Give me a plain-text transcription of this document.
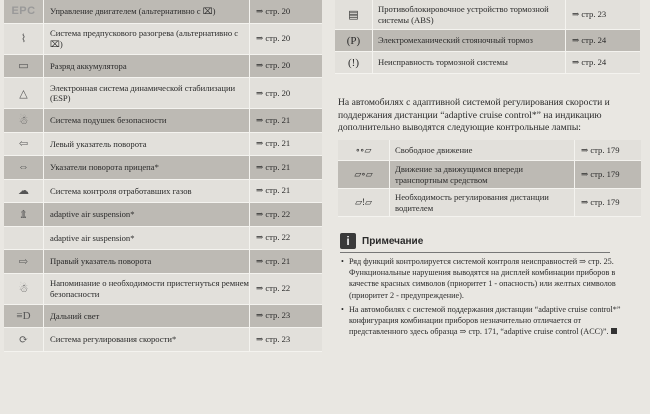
EPC	Управление двигателем (альтернативно с ⌧)	⇒ стр. 20
⌇	Система предпускового разогрева (альтернативно с ⌧)
⇒ стр. 20
▭	Разряд аккумулятора	⇒ стр. 20
△	Электронная система динамической стабилизации (ESP)
⇒ стр. 20
☃	Система подушек безопасности	⇒ стр. 21
⇦	Левый указатель поворота	⇒ стр. 21
⇔	Указатели поворота прицепа*	⇒ стр. 21
☁	Система контроля отработавших газов	⇒ стр. 21
⇭	adaptive air suspension*	⇒ стр. 22
adaptive air suspension*	⇒ стр. 22
⇨	Правый указатель поворота	⇒ стр. 21
☃	Напоминание о необходимости пристегнуться ремнем безопасности
⇒ стр. 22
≡D	Дальний свет	⇒ стр. 23
⟳	Система регулирования скорости*	⇒ стр. 23
▤	Противоблокировочное устройство тормозной системы (ABS)
⇒ стр. 23
(P)	Электромеханический стояночный тормоз	⇒ стр. 24
(!)	Неисправность тормозной системы	⇒ стр. 24
На автомобилях с адаптивной системой регулирования скорости и поддержания дистанции “adaptive cruise control*” на индикацию дополнительно выводятся следующие контрольные лампы:
∘∘▱	Свободное движение	⇒ стр. 179
▱∘▱	Движение за движущимся впереди транспортным средством
⇒ стр. 179
▱!▱	Необходимость регулирования дистанции водителем
⇒ стр. 179
i	Примечание
• Ряд функций контролируется системой контроля неисправностей ⇒ стр. 25. Функциональные нарушения выводятся на дисплей комбинации приборов в качестве красных символов (приоритет 1 - опасность) или желтых символов (приоритет 2 - предупреждение).
• На автомобилях с системой поддержания дистанции “adaptive cruise control*” конфигурация комбинации приборов незначительно отличается от представленного здесь образца ⇒ стр. 171, “adaptive cruise control (ACC)”.
